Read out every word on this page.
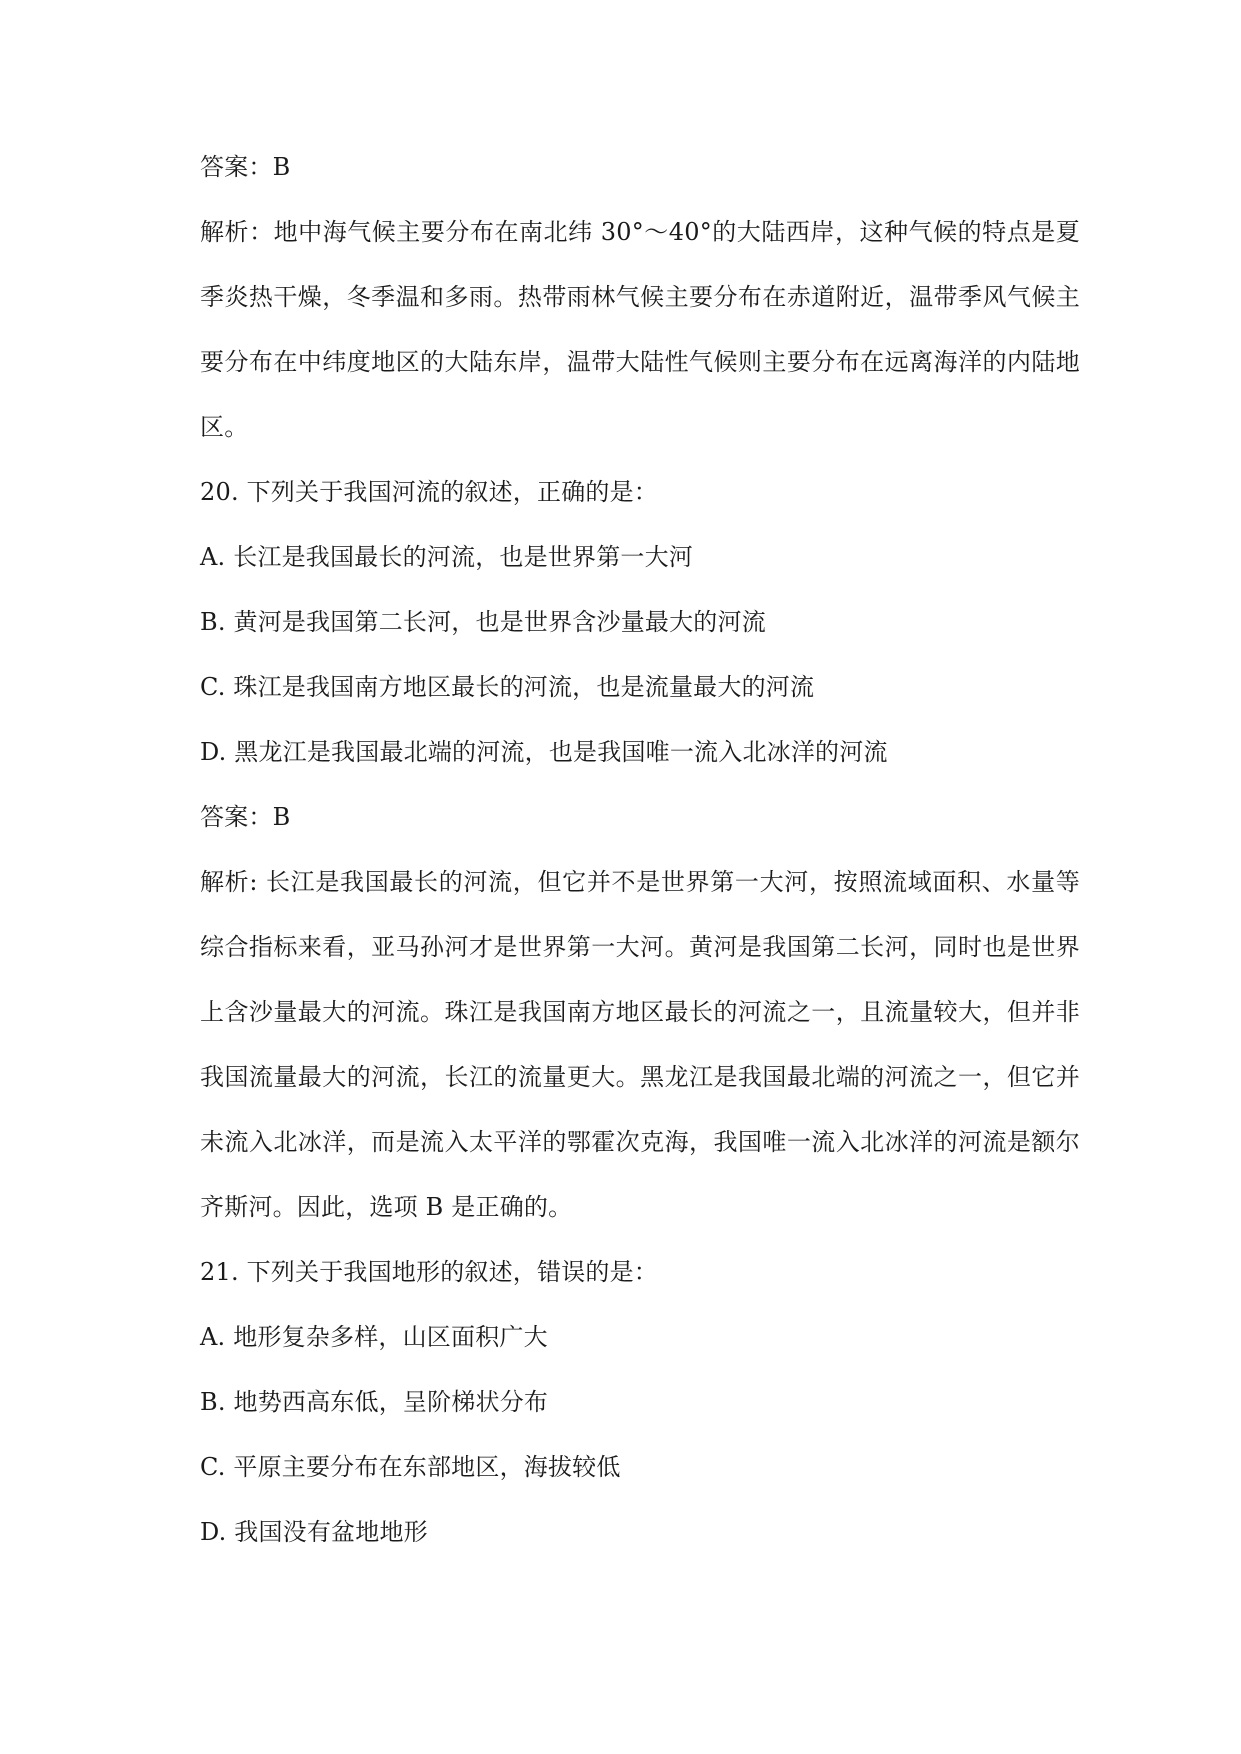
答案：B
解析：地中海气候主要分布在南北纬 30°～40°的大陆西岸，这种气候的特点是夏季炎热干燥，冬季温和多雨。热带雨林气候主要分布在赤道附近，温带季风气候主要分布在中纬度地区的大陆东岸，温带大陆性气候则主要分布在远离海洋的内陆地区。
20. 下列关于我国河流的叙述，正确的是：
A. 长江是我国最长的河流，也是世界第一大河
B. 黄河是我国第二长河，也是世界含沙量最大的河流
C. 珠江是我国南方地区最长的河流，也是流量最大的河流
D. 黑龙江是我国最北端的河流，也是我国唯一流入北冰洋的河流
答案：B
解析: 长江是我国最长的河流，但它并不是世界第一大河，按照流域面积、水量等综合指标来看，亚马孙河才是世界第一大河。黄河是我国第二长河，同时也是世界上含沙量最大的河流。珠江是我国南方地区最长的河流之一，且流量较大，但并非我国流量最大的河流，长江的流量更大。黑龙江是我国最北端的河流之一，但它并未流入北冰洋，而是流入太平洋的鄂霍次克海，我国唯一流入北冰洋的河流是额尔齐斯河。因此，选项 B 是正确的。
21. 下列关于我国地形的叙述，错误的是：
A. 地形复杂多样，山区面积广大
B. 地势西高东低，呈阶梯状分布
C. 平原主要分布在东部地区，海拔较低
D. 我国没有盆地地形
